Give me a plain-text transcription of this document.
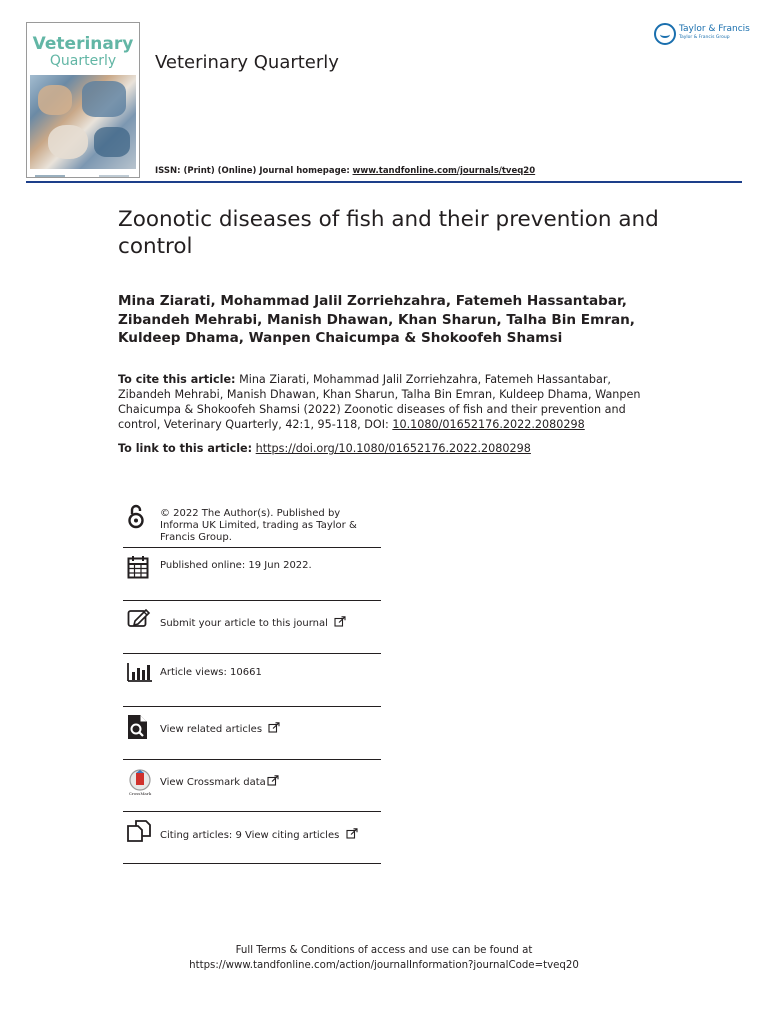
Veterinary
Quarterly	Veterinary Quarterly
Taylor & Francis
Taylor & Francis Group
ISSN: (Print) (Online) Journal homepage: www.tandfonline.com/journals/tveq20
Zoonotic diseases of fish and their prevention and control
Mina Ziarati, Mohammad Jalil Zorriehzahra, Fatemeh Hassantabar, Zibandeh Mehrabi, Manish Dhawan, Khan Sharun, Talha Bin Emran, Kuldeep Dhama, Wanpen Chaicumpa & Shokoofeh Shamsi
To cite this article: Mina Ziarati, Mohammad Jalil Zorriehzahra, Fatemeh Hassantabar, Zibandeh Mehrabi, Manish Dhawan, Khan Sharun, Talha Bin Emran, Kuldeep Dhama, Wanpen Chaicumpa & Shokoofeh Shamsi (2022) Zoonotic diseases of fish and their prevention and control, Veterinary Quarterly, 42:1, 95-118, DOI: 10.1080/01652176.2022.2080298
To link to this article: https://doi.org/10.1080/01652176.2022.2080298
© 2022 The Author(s). Published by Informa UK Limited, trading as Taylor & Francis Group.
Published online: 19 Jun 2022.
Submit your article to this journal
Article views: 10661
View related articles
CrossMark
View Crossmark data
Citing articles: 9 View citing articles
Full Terms & Conditions of access and use can be found at
https://www.tandfonline.com/action/journalInformation?journalCode=tveq20
